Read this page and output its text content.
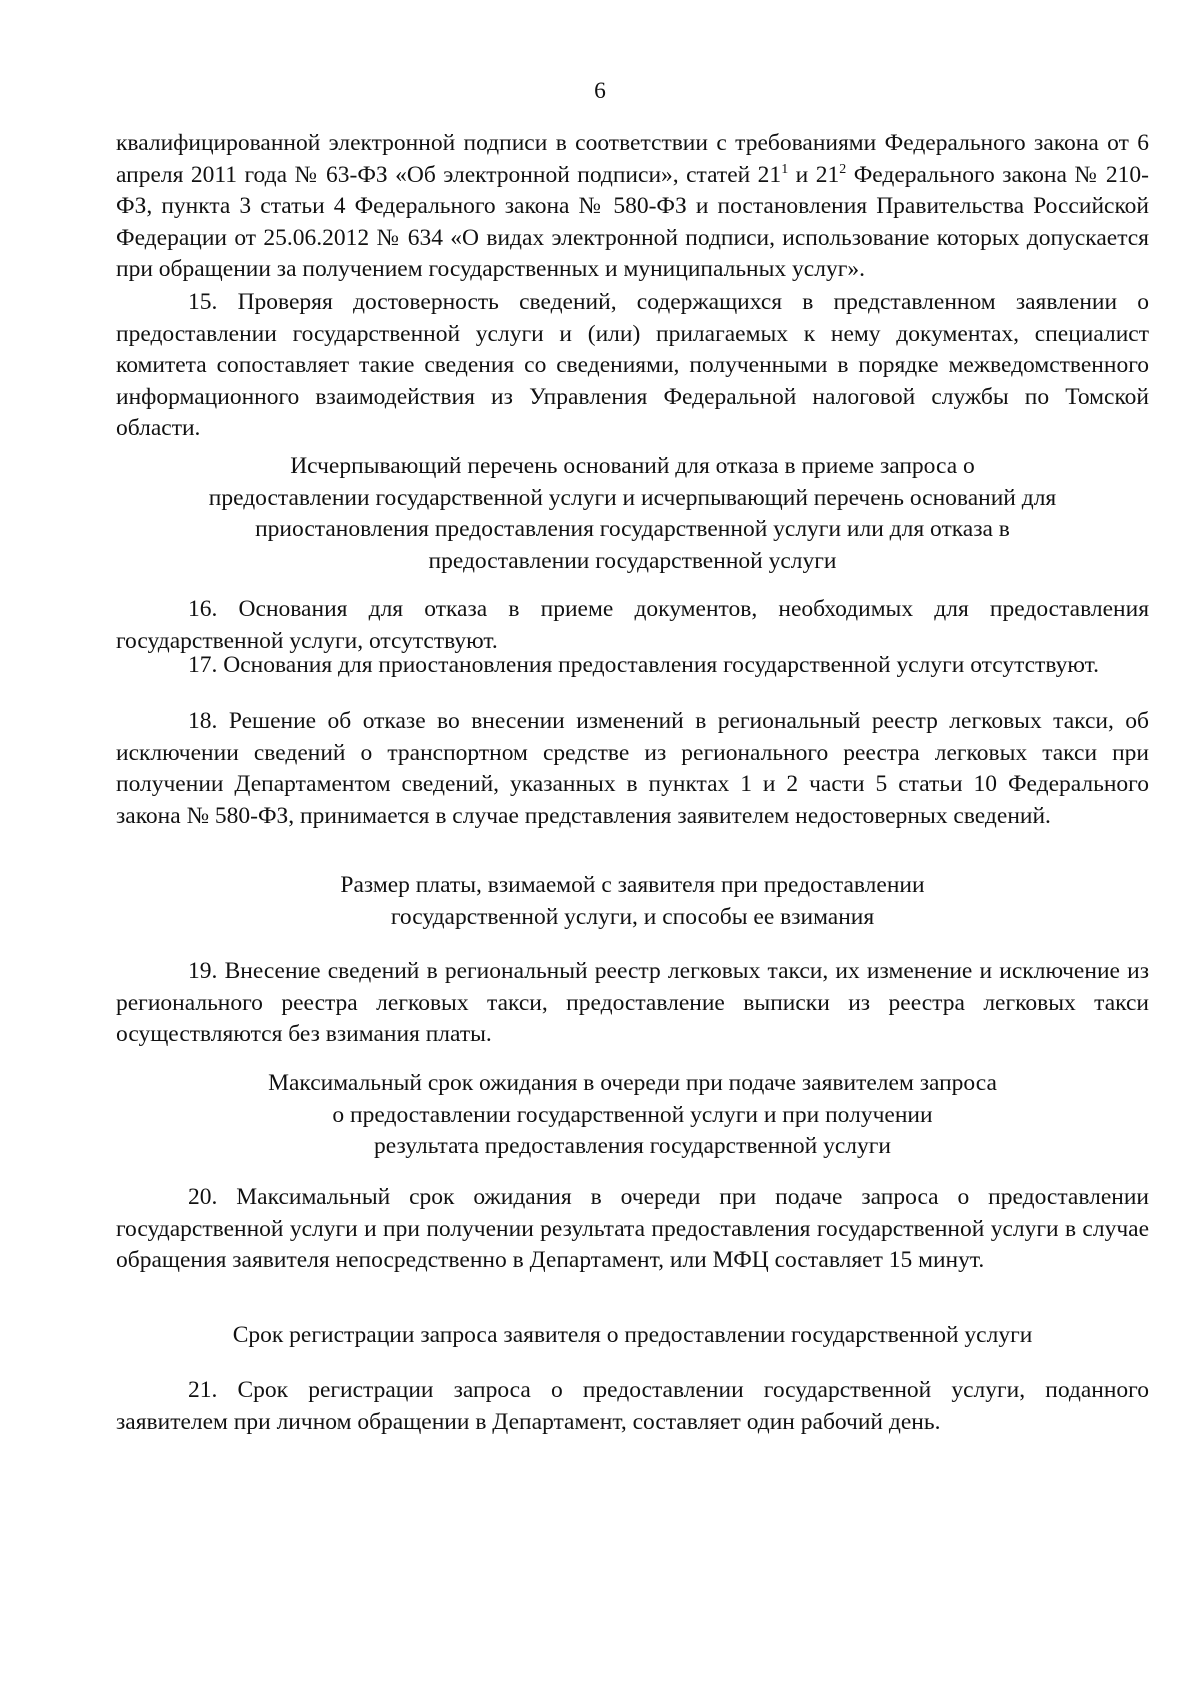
6

квалифицированной электронной подписи в соответствии с требованиями Федерального закона от 6 апреля 2011 года № 63-ФЗ «Об электронной подписи», статей $21^1$ и $21^2$ Федерального закона № 210-ФЗ, пункта 3 статьи 4 Федерального закона № 580-ФЗ и постановления Правительства Российской Федерации от 25.06.2012 № 634 «О видах электронной подписи, использование которых допускается при обращении за получением государственных и муниципальных услуг».

15. Проверяя достоверность сведений, содержащихся в представленном заявлении о предоставлении государственной услуги и (или) прилагаемых к нему документах, специалист комитета сопоставляет такие сведения со сведениями, полученными в порядке межведомственного информационного взаимодействия из Управления Федеральной налоговой службы по Томской области.

Исчерпывающий перечень оснований для отказа в приеме запроса о

предоставлении государственной услуги и исчерпывающий перечень оснований для

приостановления предоставления государственной услуги или для отказа в

предоставлении государственной услуги

16. Основания для отказа в приеме документов, необходимых для предоставления государственной услуги, отсутствуют.

17. Основания для приостановления предоставления государственной услуги отсутствуют.

18. Решение об отказе во внесении изменений в региональный реестр легковых такси, об исключении сведений о транспортном средстве из регионального реестра легковых такси при получении Департаментом сведений, указанных в пунктах 1 и 2 части 5 статьи 10 Федерального закона № 580-ФЗ, принимается в случае представления заявителем недостоверных сведений.

Размер платы, взимаемой с заявителя при предоставлении

государственной услуги, и способы ее взимания

19. Внесение сведений в региональный реестр легковых такси, их изменение и исключение из регионального реестра легковых такси, предоставление выписки из реестра легковых такси осуществляются без взимания платы.

Максимальный срок ожидания в очереди при подаче заявителем запроса

о предоставлении государственной услуги и при получении

результата предоставления государственной услуги

20. Максимальный срок ожидания в очереди при подаче запроса о предоставлении государственной услуги и при получении результата предоставления государственной услуги в случае обращения заявителя непосредственно в Департамент, или МФЦ составляет 15 минут.

Срок регистрации запроса заявителя о предоставлении государственной услуги

21. Срок регистрации запроса о предоставлении государственной услуги, поданного заявителем при личном обращении в Департамент, составляет один рабочий день.
